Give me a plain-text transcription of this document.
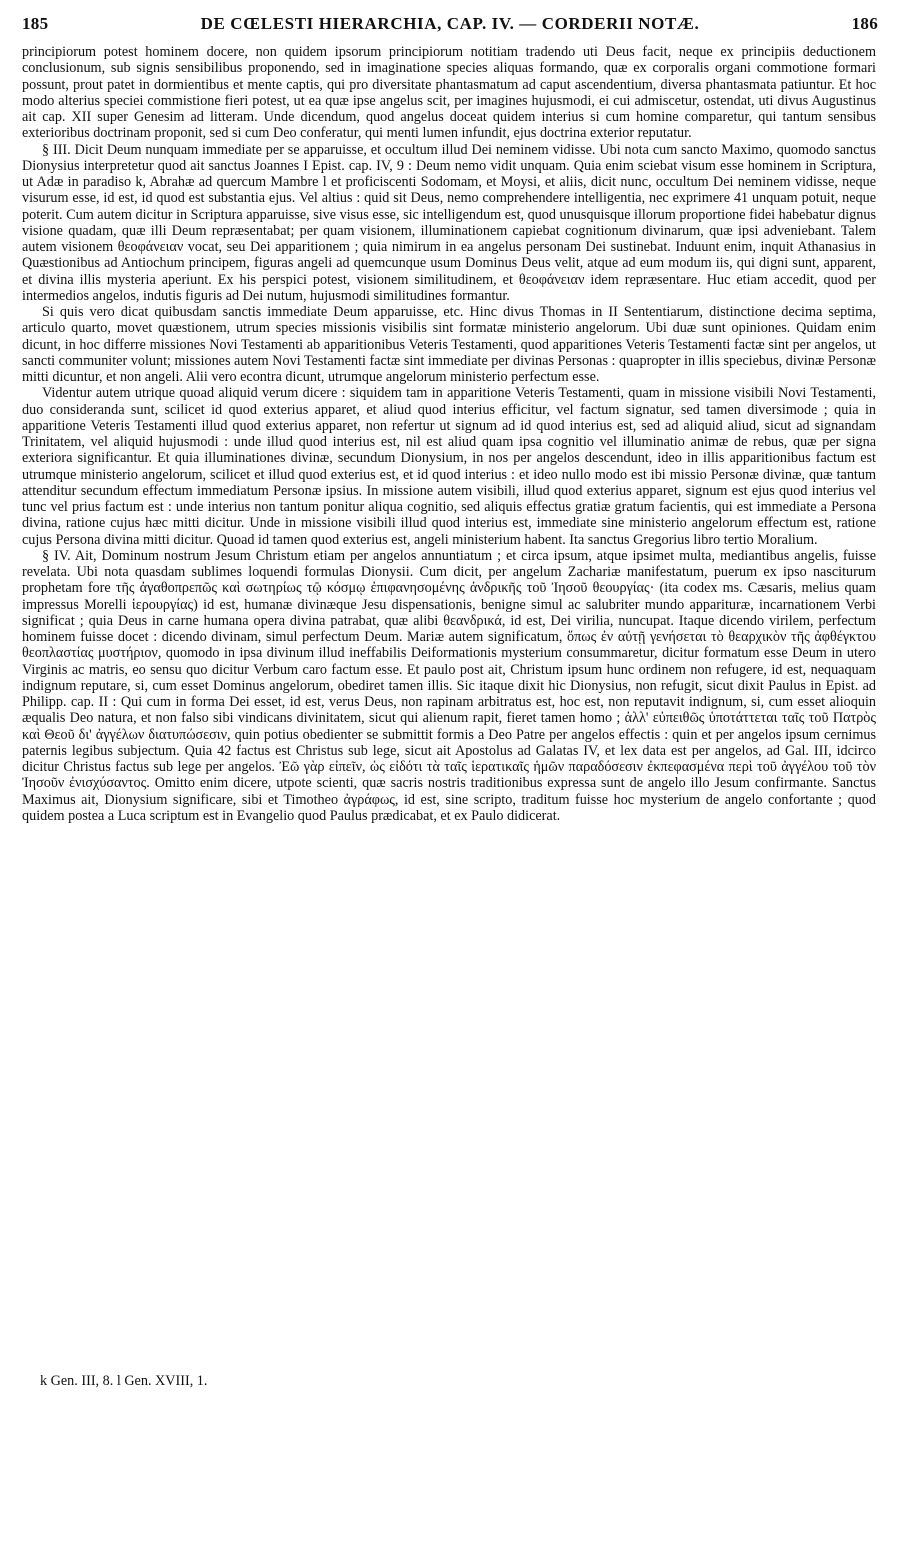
185	DE CŒLESTI HIERARCHIA, CAP. IV. — CORDERII NOTÆ.	186

principiorum potest hominem docere, non quidem ipsorum principiorum notitiam tradendo uti Deus facit, neque ex principiis deductionem conclusionum, sub signis sensibilibus proponendo, sed in imaginatione species aliquas formando, quæ ex corporalis organi commotione formari possunt, prout patet in dormientibus et mente captis, qui pro diversitate phantasmatum ad caput ascendentium, diversa phantasmata patiuntur. Et hoc modo alterius speciei commistione fieri potest, ut ea quæ ipse angelus scit, per imagines hujusmodi, ei cui admiscetur, ostendat, uti divus Augustinus ait cap. XII super Genesim ad litteram. Unde dicendum, quod angelus doceat quidem interius si cum homine comparetur, qui tantum sensibus exterioribus doctrinam proponit, sed si cum Deo conferatur, qui menti lumen infundit, ejus doctrina exterior reputatur.

§ III. Dicit Deum nunquam immediate per se apparuisse, et occultum illud Dei neminem vidisse. Ubi nota cum sancto Maximo, quomodo sanctus Dionysius interpretetur quod ait sanctus Joannes I Epist. cap. IV, 9 : Deum nemo vidit unquam. Quia enim sciebat visum esse hominem in Scriptura, ut Adæ in paradiso k, Abrahæ ad quercum Mambre l et proficiscenti Sodomam, et Moysi, et aliis, dicit nunc, occultum Dei neminem vidisse, neque visurum esse, id est, id quod est substantia ejus. Vel altius : quid sit Deus, nemo comprehendere intelligentia, nec exprimere 41 unquam potuit, neque poterit. Cum autem dicitur in Scriptura apparuisse, sive visus esse, sic intelligendum est, quod unusquisque illorum proportione fidei habebatur dignus visione quadam, quæ illi Deum repræsentabat; per quam visionem, illuminationem capiebat cognitionum divinarum, quæ ipsi adveniebant. Talem autem visionem θεοφάνειαν vocat, seu Dei apparitionem ; quia nimirum in ea angelus personam Dei sustinebat. Induunt enim, inquit Athanasius in Quæstionibus ad Antiochum principem, figuras angeli ad quemcunque usum Dominus Deus velit, atque ad eum modum iis, qui digni sunt, apparent, et divina illis mysteria aperiunt. Ex his perspici potest, visionem similitudinem, et θεοφάνειαν idem repræsentare. Huc etiam accedit, quod per intermedios angelos, indutis figuris ad Dei nutum, hujusmodi similitudines formantur.

Si quis vero dicat quibusdam sanctis immediate Deum apparuisse, etc. Hinc divus Thomas in II Sententiarum, distinctione decima septima, articulo quarto, movet quæstionem, utrum species missionis visibilis sint formatæ ministerio angelorum. Ubi duæ sunt opiniones. Quidam enim dicunt, in hoc differre missiones Novi Testamenti ab apparitionibus Veteris Testamenti, quod apparitiones Veteris Testamenti factæ sint per angelos, ut sancti communiter volunt; missiones autem Novi Testamenti factæ sint immediate per divinas Personas : quapropter in illis speciebus, divinæ Personæ mitti dicuntur, et non angeli. Alii vero econtra dicunt, utrumque angelorum ministerio perfectum esse.

Videntur autem utrique quoad aliquid verum dicere : siquidem tam in apparitione Veteris Testamenti, quam in missione visibili Novi Testamenti, duo consideranda sunt, scilicet id quod exterius apparet, et aliud quod interius efficitur, vel factum signatur, sed tamen diversimode ; quia in apparitione Veteris Testamenti illud quod exterius apparet, non refertur ut signum ad id quod interius est, sed ad aliquid aliud, sicut ad signandam Trinitatem, vel aliquid hujusmodi : unde illud quod interius est, nil est aliud quam ipsa cognitio vel illuminatio animæ de rebus, quæ per signa exteriora significantur. Et quia illuminationes divinæ, secundum Dionysium, in nos per angelos descendunt, ideo in illis apparitionibus factum est utrumque ministerio angelorum, scilicet et illud quod exterius est, et id quod interius : et ideo nullo modo est ibi missio Personæ divinæ, quæ tantum attenditur secundum effectum immediatum Personæ ipsius. In missione autem visibili, illud quod exterius apparet, signum est ejus quod interius vel tunc vel prius factum est : unde interius non tantum ponitur aliqua cognitio, sed aliquis effectus gratiæ gratum facientis, qui est immediate a Persona divina, ratione cujus hæc mitti dicitur. Unde in missione visibili illud quod interius est, immediate sine ministerio angelorum effectum est, ratione cujus Persona divina mitti dicitur. Quoad id tamen quod exterius est, angeli ministerium habent. Ita sanctus Gregorius libro tertio Moralium.

§ IV. Ait, Dominum nostrum Jesum Christum etiam per angelos annuntiatum ; et circa ipsum, atque ipsimet multa, mediantibus angelis, fuisse revelata. Ubi nota quasdam sublimes loquendi formulas Dionysii. Cum dicit, per angelum Zachariæ manifestatum, puerum ex ipso nasciturum prophetam fore τῆς ἀγαθοπρεπῶς καὶ σωτηρίως τῷ κόσμῳ ἐπιφανησομένης ἀνδρικῆς τοῦ Ἰησοῦ θεουργίας· (ita codex ms. Cæsaris, melius quam impressus Morelli ἱερουργίας) id est, humanæ divinæque Jesu dispensationis, benigne simul ac salubriter mundo apparituræ, incarnationem Verbi significat ; quia Deus in carne humana opera divina patrabat, quæ alibi θεανδρικά, id est, Dei virilia, nuncupat. Itaque dicendo virilem, perfectum hominem fuisse docet : dicendo divinam, simul perfectum Deum. Mariæ autem significatum, ὅπως ἐν αὐτῇ γενήσεται τὸ θεαρχικὸν τῆς ἀφθέγκτου θεοπλαστίας μυστήριον, quomodo in ipsa divinum illud ineffabilis Deiformationis mysterium consummaretur, dicitur formatum esse Deum in utero Virginis ac matris, eo sensu quo dicitur Verbum caro factum esse. Et paulo post ait, Christum ipsum hunc ordinem non refugere, id est, nequaquam indignum reputare, si, cum esset Dominus angelorum, obediret tamen illis. Sic itaque dixit hic Dionysius, non refugit, sicut dixit Paulus in Epist. ad Philipp. cap. II : Qui cum in forma Dei esset, id est, verus Deus, non rapinam arbitratus est, hoc est, non reputavit indignum, si, cum esset alioquin æqualis Deo natura, et non falso sibi vindicans divinitatem, sicut qui alienum rapit, fieret tamen homo ; ἀλλ' εὐπειθῶς ὑποτάττεται ταῖς τοῦ Πατρὸς καὶ Θεοῦ δι' ἀγγέλων διατυπώσεσιν, quin potius obedienter se submittit formis a Deo Patre per angelos effectis : quin et per angelos ipsum cernimus paternis legibus subjectum. Quia 42 factus est Christus sub lege, sicut ait Apostolus ad Galatas IV, et lex data est per angelos, ad Gal. III, idcirco dicitur Christus factus sub lege per angelos. Ἐῶ γὰρ εἰπεῖν, ὡς εἰδότι τὰ ταῖς ἱερατικαῖς ἡμῶν παραδόσεσιν ἐκπεφασμένα περὶ τοῦ ἀγγέλου τοῦ τὸν Ἰησοῦν ἐνισχύσαντος. Omitto enim dicere, utpote scienti, quæ sacris nostris traditionibus expressa sunt de angelo illo Jesum confirmante. Sanctus Maximus ait, Dionysium significare, sibi et Timotheo ἀγράφως, id est, sine scripto, traditum fuisse hoc mysterium de angelo confortante ; quod quidem postea a Luca scriptum est in Evangelio quod Paulus prædicabat, et ex Paulo didicerat.

k Gen. III, 8. l Gen. XVIII, 1.
